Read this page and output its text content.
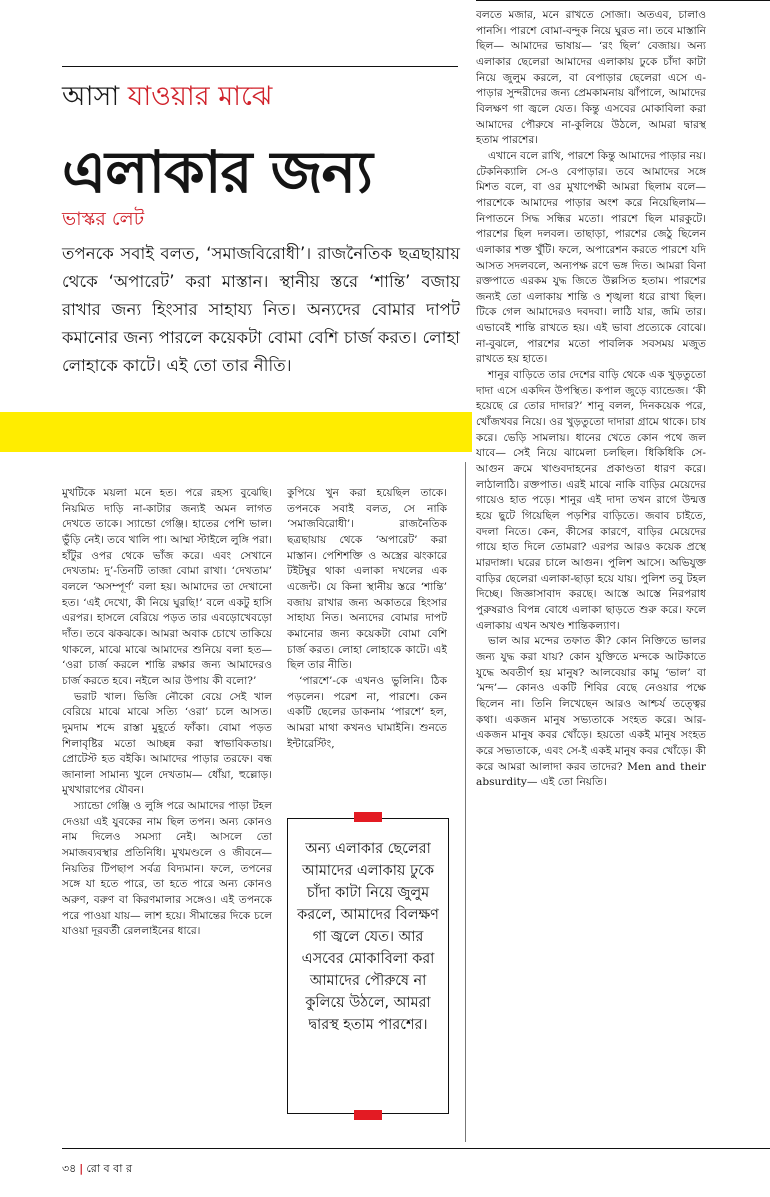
আসা যাওয়ার মাঝে
এলাকার জন্য
ভাস্কর লেট
তপনকে সবাই বলত, ‘সমাজবিরোধী’। রাজনৈতিক ছত্রছায়ায় থেকে ‘অপারেট’ করা মাস্তান। স্থানীয় স্তরে ‘শান্তি’ বজায় রাখার জন্য হিংসার সাহায্য নিত। অন্যদের বোমার দাপট কমানোর জন্য পারলে কয়েকটা বোমা বেশি চার্জ করত। লোহা লোহাকে কাটে। এই তো তার নীতি।

মুখটিকে ময়লা মনে হত। পরে রহস্য বুঝেছি। নিয়মিত দাড়ি না-কাটার জন্যই অমন লাগত দেখতে তাকে। স্যান্ডো গেঞ্জি। হাতের পেশি ভাল। ভুঁড়ি নেই। তবে খালি পা। আম্মা স্টাইলে লুঙ্গি পরা। হাঁটুর ওপর থেকে ভাঁজ করে। এবং সেখানে দেখতাম: দু’-তিনটি তাজা বোমা রাখা। ‘দেখতাম’ বললে ‘অসম্পূর্ণ’ বলা হয়। আমাদের তা দেখানো হত। ‘এই দেখো, কী নিয়ে ঘুরছি!’ বলে একটু হাসি এরপর। হাসলে বেরিয়ে পড়ত তার এবড়োখেবড়ো দাঁত। তবে ঝকঝকে। আমরা অবাক চোখে তাকিয়ে থাকলে, মাঝে মাঝে আমাদের শুনিয়ে বলা হত— ‘ওরা চার্জ করলে শান্তি রক্ষার জন্য আমাদেরও চার্জ করতে হবে। নইলে আর উপায় কী বলো?’

ভরাট খাল। ভিজি নৌকো বেয়ে সেই খাল বেরিয়ে মাঝে মাঝে সত্যি ‘ওরা’ চলে আসত। দুমদাম শব্দে রাস্তা মুহূর্তে ফাঁকা। বোমা পড়ত শিলাবৃষ্টির মতো আচ্ছন্ন করা স্বাভাবিকতায়। প্রোটেস্ট হত বইকি। আমাদের পাড়ার তরফে। বন্ধ জানালা সামান্য খুলে দেখতাম— ধোঁয়া, হুল্লোড়। মুখখারাপের যৌবন।

স্যান্ডো গেঞ্জি ও লুঙ্গি পরে আমাদের পাড়া টহল দেওয়া এই যুবকের নাম ছিল তপন। অন্য কোনও নাম দিলেও সমস্যা নেই। আসলে তো সমাজব্যবস্থার প্রতিনিধি। মুখমণ্ডলে ও জীবনে— নিয়তির টিপছাপ সর্বত্র বিদ্যমান। ফলে, তপনের সঙ্গে যা হতে পারে, তা হতে পারে অন্য কোনও অরুণ, বরুণ বা কিরণমালার সঙ্গেও। এই তপনকে পরে পাওয়া যায়— লাশ হয়ে। সীমান্তের দিকে চলে যাওয়া দূরবর্তী রেললাইনের ধারে।

কুপিয়ে খুন করা হয়েছিল তাকে। তপনকে সবাই বলত, সে নাকি ‘সমাজবিরোধী’। রাজনৈতিক ছত্রছায়ায় থেকে ‘অপারেট’ করা মাস্তান। পেশিশক্তি ও অস্ত্রের ঝংকারে টইটম্বুর থাকা এলাকা দখলের এক এজেন্ট। যে কিনা স্থানীয় স্তরে ‘শান্তি’ বজায় রাখার জন্য অকাতরে হিংসার সাহায্য নিত। অন্যদের বোমার দাপট কমানোর জন্য কয়েকটা বোমা বেশি চার্জ করত। লোহা লোহাকে কাটে। এই ছিল তার নীতি।

‘পারশে’-কে এখনও ভুলিনি। ঠিক পড়লেন। পরেশ না, পারশে। কেন একটি ছেলের ডাকনাম ‘পারশে’ হল, আমরা মাথা কখনও ঘামাইনি। শুনতে ইন্টারেস্টিং,

অন্য এলাকার ছেলেরা আমাদের এলাকায় ঢুকে চাঁদা কাটা নিয়ে জুলুম করলে, আমাদের বিলক্ষণ গা জ্বলে যেত। আর এসবের মোকাবিলা করা আমাদের পৌরুষে না কুলিয়ে উঠলে, আমরা দ্বারস্থ হতাম পারশের।

বলতে মজার, মনে রাখতে সোজা। অতএব, চালাও পানসি। পারশে বোমা-বন্দুক নিয়ে ঘুরত না। তবে মাস্তানি ছিল— আমাদের ভাষায়— ‘রং ছিল’ বেজায়। অন্য এলাকার ছেলেরা আমাদের এলাকায় ঢুকে চাঁদা কাটা নিয়ে জুলুম করলে, বা বেপাড়ার ছেলেরা এসে এ-পাড়ার সুন্দরীদের জন্য প্রেমকামনায় ঝাঁপালে, আমাদের বিলক্ষণ গা জ্বলে যেত। কিন্তু এসবের মোকাবিলা করা আমাদের পৌরুষে না-কুলিয়ে উঠলে, আমরা দ্বারস্থ হতাম পারশের।

এখানে বলে রাখি, পারশে কিন্তু আমাদের পাড়ার নয়। টেকনিক্যালি সে-ও বেপাড়ার। তবে আমাদের সঙ্গে মিশত বলে, বা ওর মুখাপেক্ষী আমরা ছিলাম বলে— পারশেকে আমাদের পাড়ার অংশ করে নিয়েছিলাম— নিপাতনে সিদ্ধ সন্ধির মতো। পারশে ছিল মারকুটে। পারশের ছিল দলবল। তাছাড়া, পারশের জেঠু ছিলেন এলাকার শক্ত খুঁটি। ফলে, অপারেশন করতে পারশে যদি আসত সদলবলে, অন্যপক্ষ রণে ভঙ্গ দিত। আমরা বিনা রক্তপাতে এরকম যুদ্ধ জিতে উল্লসিত হতাম। পারশের জন্যই তো এলাকায় শান্তি ও শৃঙ্খলা ধরে রাখা ছিল। টিকে গেল আমাদেরও দবদবা। লাঠি যার, জমি তার। এভাবেই শান্তি রাখতে হয়। এই ভাবা প্রত্যেকে বোঝে। না-বুঝলে, পারশের মতো পাবলিক সবসময় মজুত রাখতে হয় হাতে।

শানুর বাড়িতে তার দেশের বাড়ি থেকে এক খুড়তুতো দাদা এসে একদিন উপস্থিত। কপাল জুড়ে ব্যান্ডেজ। ‘কী হয়েছে রে তোর দাদার?’ শানু বলল, দিনকয়েক পরে, খোঁজখবর নিয়ে। ওর খুড়তুতো দাদারা গ্রামে থাকে। চাষ করে। ভেড়ি সামলায়। ধানের খেতে কোন পথে জল যাবে— সেই নিয়ে ঝামেলা চলছিল। ধিকিধিকি সে-আগুন ক্রমে খাণ্ডবদাহনের প্রকাণ্ডতা ধারণ করে। লাঠালাঠি। রক্তপাত। এরই মাঝে নাকি বাড়ির মেয়েদের গায়েও হাত পড়ে। শানুর এই দাদা তখন রাগে উন্মত্ত হয়ে ছুটে গিয়েছিল পড়শির বাড়িতে। জবাব চাইতে, বদলা নিতে। কেন, কীসের কারণে, বাড়ির মেয়েদের গায়ে হাত দিলে তোমরা? এরপর আরও কয়েক প্রস্থে মারদাঙ্গা। ঘরের চালে আগুন। পুলিশ আসে। অভিযুক্ত বাড়ির ছেলেরা এলাকা-ছাড়া হয়ে যায়। পুলিশ তবু টহল দিচ্ছে। জিজ্ঞাসাবাদ করছে। আস্তে আস্তে নিরপরাধ পুরুষরাও বিপন্ন বোধে এলাকা ছাড়তে শুরু করে। ফলে এলাকায় এখন অখণ্ড শান্তিকল্যাণ।

ভাল আর মন্দের তফাত কী? কোন নিক্তিতে ভালর জন্য যুদ্ধ করা যায়? কোন যুক্তিতে মন্দকে আটকাতে যুদ্ধে অবতীর্ণ হয় মানুষ? আলবেয়ার কামু ‘ভাল’ বা ‘মন্দ’— কোনও একটি শিবির বেছে নেওয়ার পক্ষে ছিলেন না। তিনি লিখেছেন আরও আশ্চর্য তত্ত্বের কথা। একজন মানুষ সভ্যতাকে সংহত করে। আর-একজন মানুষ কবর খোঁড়ে। হয়তো একই মানুষ সংহত করে সভ্যতাকে, এবং সে-ই একই মানুষ কবর খোঁড়ে। কী করে আমরা আলাদা করব তাদের? Men and their absurdity— এই তো নিয়তি।

৩৪ | রো ব বা র
